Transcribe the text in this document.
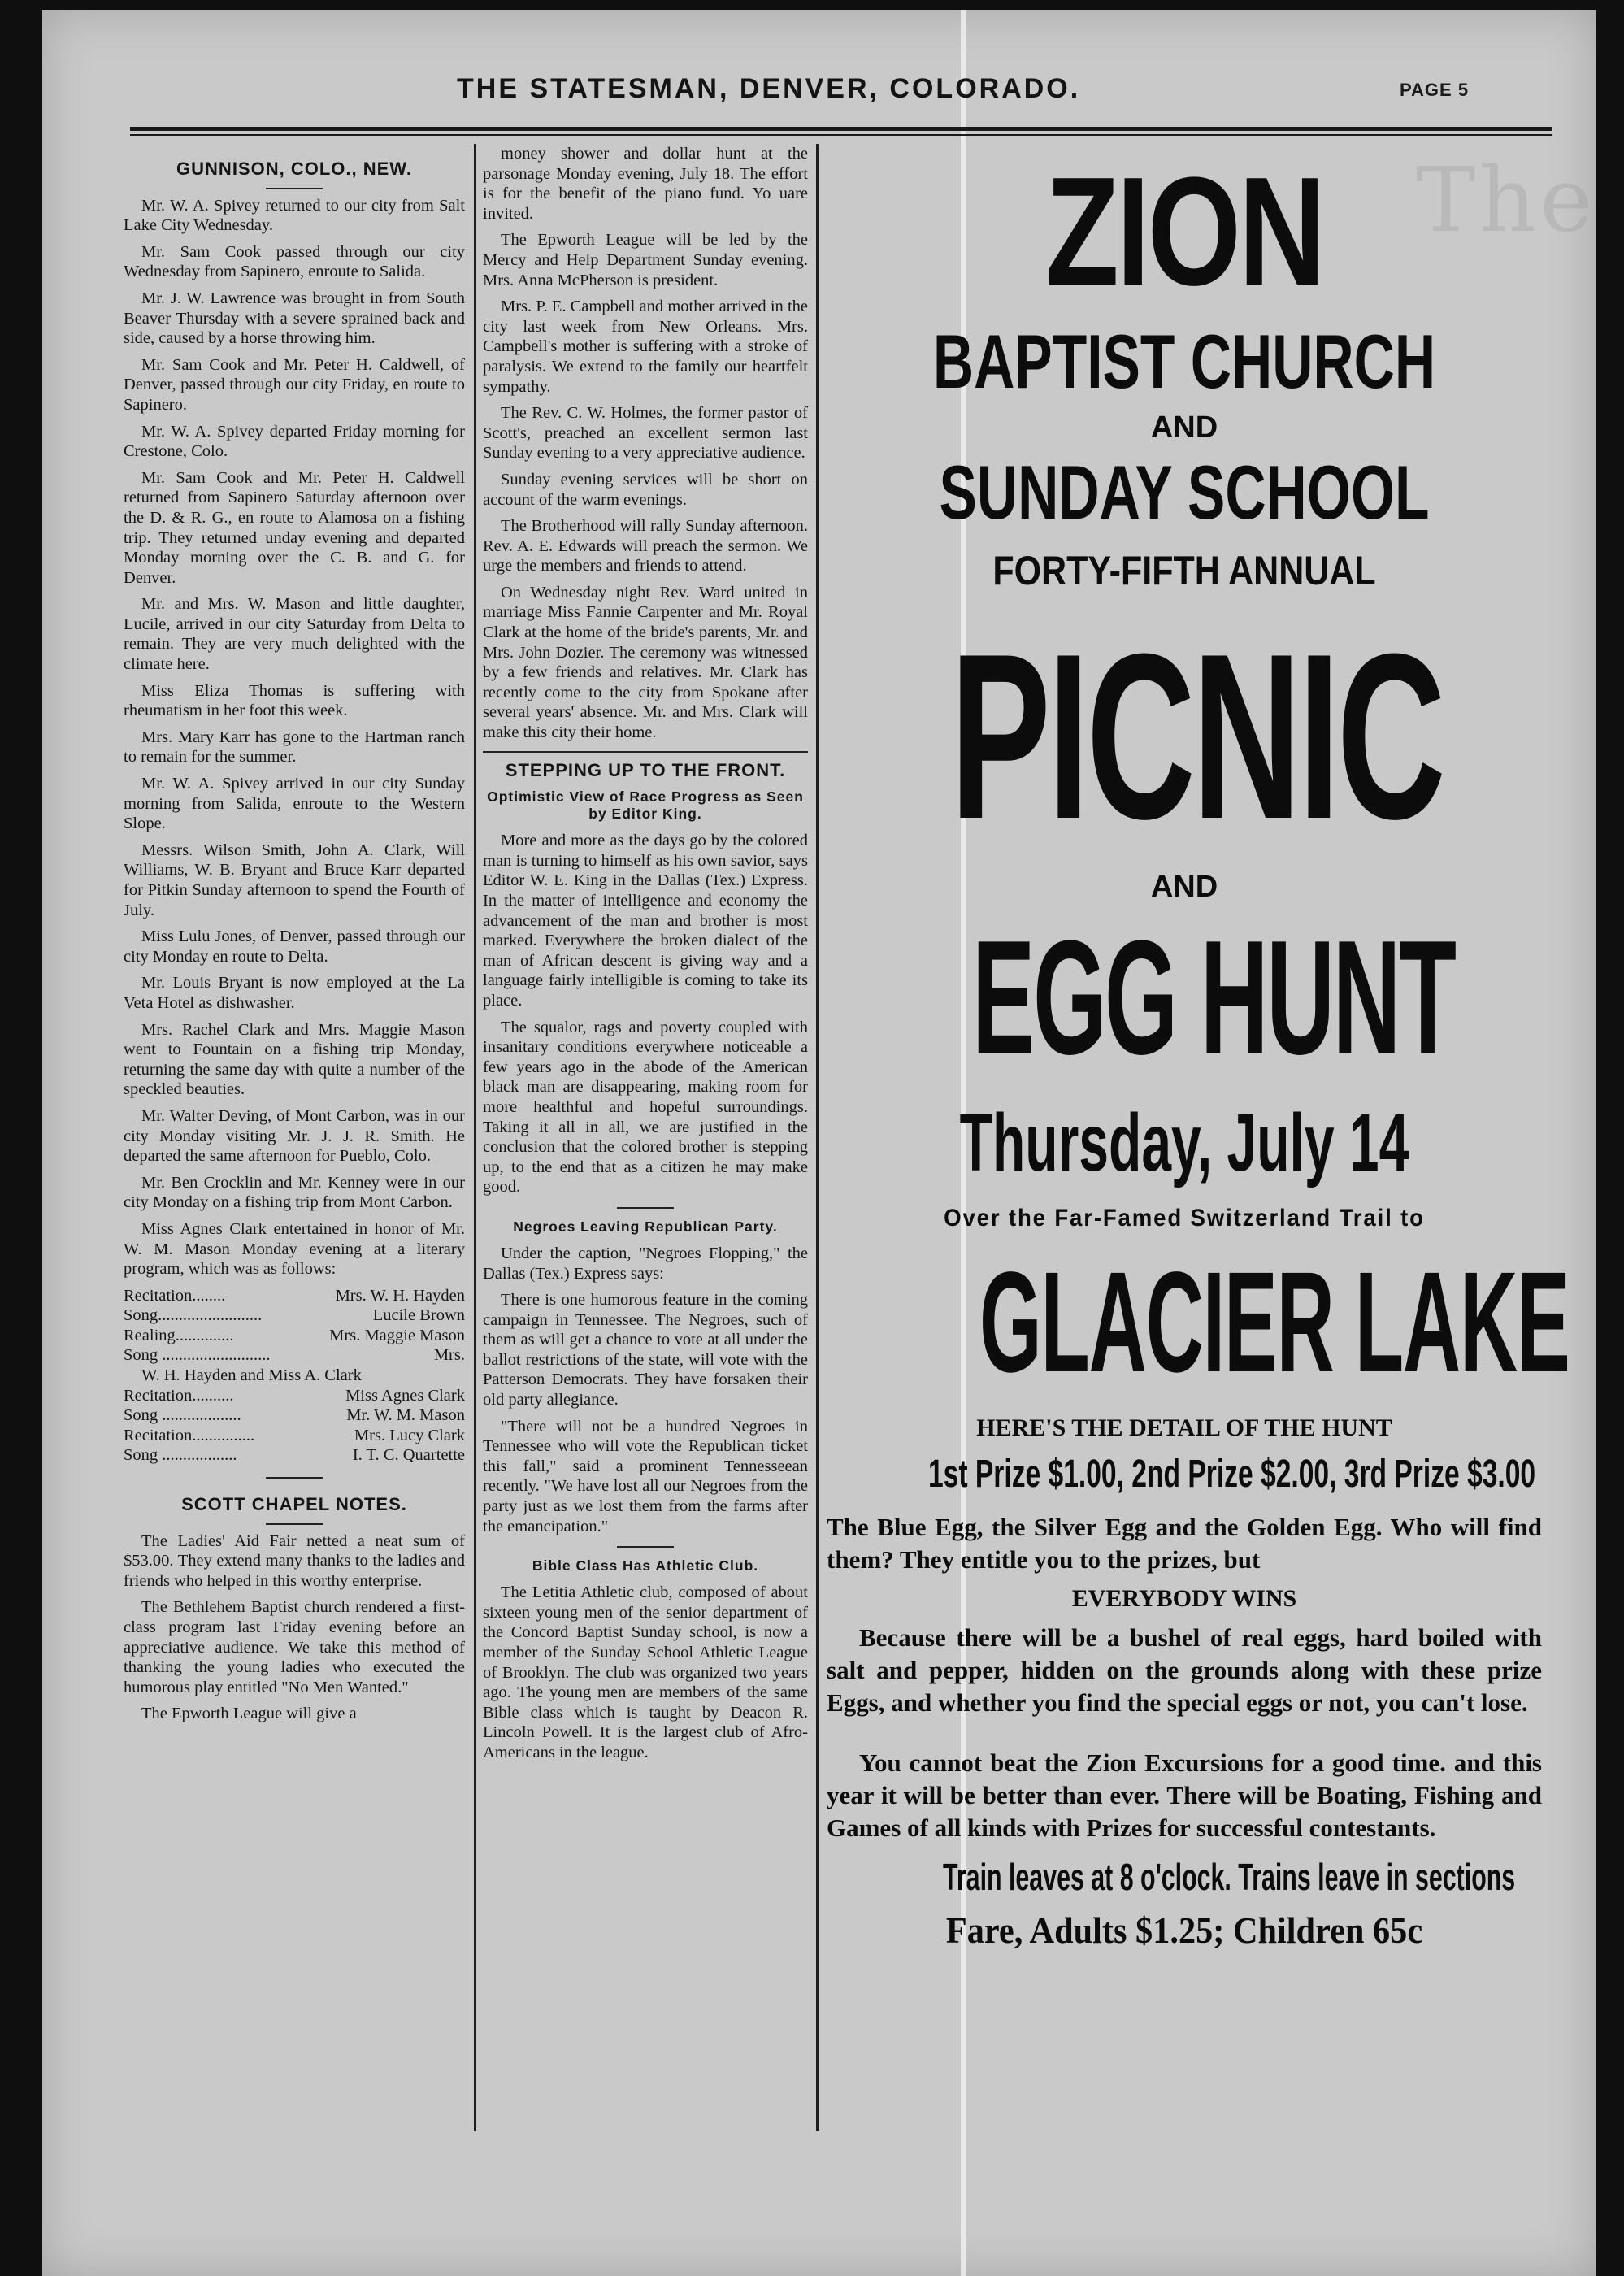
The
THE STATESMAN, DENVER, COLORADO.	PAGE 5
GUNNISON, COLO., NEW.

Mr. W. A. Spivey returned to our city from Salt Lake City Wednesday.

Mr. Sam Cook passed through our city Wednesday from Sapinero, enroute to Salida.

Mr. J. W. Lawrence was brought in from South Beaver Thursday with a severe sprained back and side, caused by a horse throwing him.

Mr. Sam Cook and Mr. Peter H. Caldwell, of Denver, passed through our city Friday, en route to Sapinero.

Mr. W. A. Spivey departed Friday morning for Crestone, Colo.

Mr. Sam Cook and Mr. Peter H. Caldwell returned from Sapinero Saturday afternoon over the D. & R. G., en route to Alamosa on a fishing trip. They returned unday evening and departed Monday morning over the C. B. and G. for Denver.

Mr. and Mrs. W. Mason and little daughter, Lucile, arrived in our city Saturday from Delta to remain. They are very much delighted with the climate here.

Miss Eliza Thomas is suffering with rheumatism in her foot this week.

Mrs. Mary Karr has gone to the Hartman ranch to remain for the summer.

Mr. W. A. Spivey arrived in our city Sunday morning from Salida, enroute to the Western Slope.

Messrs. Wilson Smith, John A. Clark, Will Williams, W. B. Bryant and Bruce Karr departed for Pitkin Sunday afternoon to spend the Fourth of July.

Miss Lulu Jones, of Denver, passed through our city Monday en route to Delta.

Mr. Louis Bryant is now employed at the La Veta Hotel as dishwasher.

Mrs. Rachel Clark and Mrs. Maggie Mason went to Fountain on a fishing trip Monday, returning the same day with quite a number of the speckled beauties.

Mr. Walter Deving, of Mont Carbon, was in our city Monday visiting Mr. J. J. R. Smith. He departed the same afternoon for Pueblo, Colo.

Mr. Ben Crocklin and Mr. Kenney were in our city Monday on a fishing trip from Mont Carbon.

Miss Agnes Clark entertained in honor of Mr. W. M. Mason Monday evening at a literary program, which was as follows:

Recitation........	Mrs. W. H. Hayden
Song.........................	Lucile Brown
Realing..............	Mrs. Maggie Mason
Song ..........................	Mrs.
W. H. Hayden and Miss A. Clark
Recitation..........	Miss Agnes Clark
Song ...................	Mr. W. M. Mason
Recitation...............	Mrs. Lucy Clark
Song ..................	I. T. C. Quartette
SCOTT CHAPEL NOTES.

The Ladies' Aid Fair netted a neat sum of $53.00. They extend many thanks to the ladies and friends who helped in this worthy enterprise.

The Bethlehem Baptist church rendered a first-class program last Friday evening before an appreciative audience. We take this method of thanking the young ladies who executed the humorous play entitled "No Men Wanted."

The Epworth League will give a

money shower and dollar hunt at the parsonage Monday evening, July 18. The effort is for the benefit of the piano fund. Yo uare invited.

The Epworth League will be led by the Mercy and Help Department Sunday evening. Mrs. Anna McPherson is president.

Mrs. P. E. Campbell and mother arrived in the city last week from New Orleans. Mrs. Campbell's mother is suffering with a stroke of paralysis. We extend to the family our heartfelt sympathy.

The Rev. C. W. Holmes, the former pastor of Scott's, preached an excellent sermon last Sunday evening to a very appreciative audience.

Sunday evening services will be short on account of the warm evenings.

The Brotherhood will rally Sunday afternoon. Rev. A. E. Edwards will preach the sermon. We urge the members and friends to attend.

On Wednesday night Rev. Ward united in marriage Miss Fannie Carpenter and Mr. Royal Clark at the home of the bride's parents, Mr. and Mrs. John Dozier. The ceremony was witnessed by a few friends and relatives. Mr. Clark has recently come to the city from Spokane after several years' absence. Mr. and Mrs. Clark will make this city their home.

STEPPING UP TO THE FRONT.
Optimistic View of Race Progress as Seen by Editor King.

More and more as the days go by the colored man is turning to himself as his own savior, says Editor W. E. King in the Dallas (Tex.) Express. In the matter of intelligence and economy the advancement of the man and brother is most marked. Everywhere the broken dialect of the man of African descent is giving way and a language fairly intelligible is coming to take its place.

The squalor, rags and poverty coupled with insanitary conditions everywhere noticeable a few years ago in the abode of the American black man are disappearing, making room for more healthful and hopeful surroundings. Taking it all in all, we are justified in the conclusion that the colored brother is stepping up, to the end that as a citizen he may make good.

Negroes Leaving Republican Party.

Under the caption, "Negroes Flopping," the Dallas (Tex.) Express says:

There is one humorous feature in the coming campaign in Tennessee. The Negroes, such of them as will get a chance to vote at all under the ballot restrictions of the state, will vote with the Patterson Democrats. They have forsaken their old party allegiance.

"There will not be a hundred Negroes in Tennessee who will vote the Republican ticket this fall," said a prominent Tennesseean recently. "We have lost all our Negroes from the party just as we lost them from the farms after the emancipation."

Bible Class Has Athletic Club.

The Letitia Athletic club, composed of about sixteen young men of the senior department of the Concord Baptist Sunday school, is now a member of the Sunday School Athletic League of Brooklyn. The club was organized two years ago. The young men are members of the same Bible class which is taught by Deacon R. Lincoln Powell. It is the largest club of Afro-Americans in the league.

ZION
BAPTIST CHURCH
AND
SUNDAY SCHOOL
FORTY-FIFTH ANNUAL
PICNIC
AND
EGG HUNT
Thursday, July 14
Over the Far-Famed Switzerland Trail to
GLACIER LAKE
HERE'S THE DETAIL OF THE HUNT
1st Prize $1.00, 2nd Prize $2.00, 3rd Prize $3.00
The Blue Egg, the Silver Egg and the Golden Egg. Who will find them? They entitle you to the prizes, but
EVERYBODY WINS
Because there will be a bushel of real eggs, hard boiled with salt and pepper, hidden on the grounds along with these prize Eggs, and whether you find the special eggs or not, you can't lose.
You cannot beat the Zion Excursions for a good time. and this year it will be better than ever. There will be Boating, Fishing and Games of all kinds with Prizes for successful contestants.
Train leaves at 8 o'clock. Trains leave in sections
Fare, Adults $1.25; Children 65c
